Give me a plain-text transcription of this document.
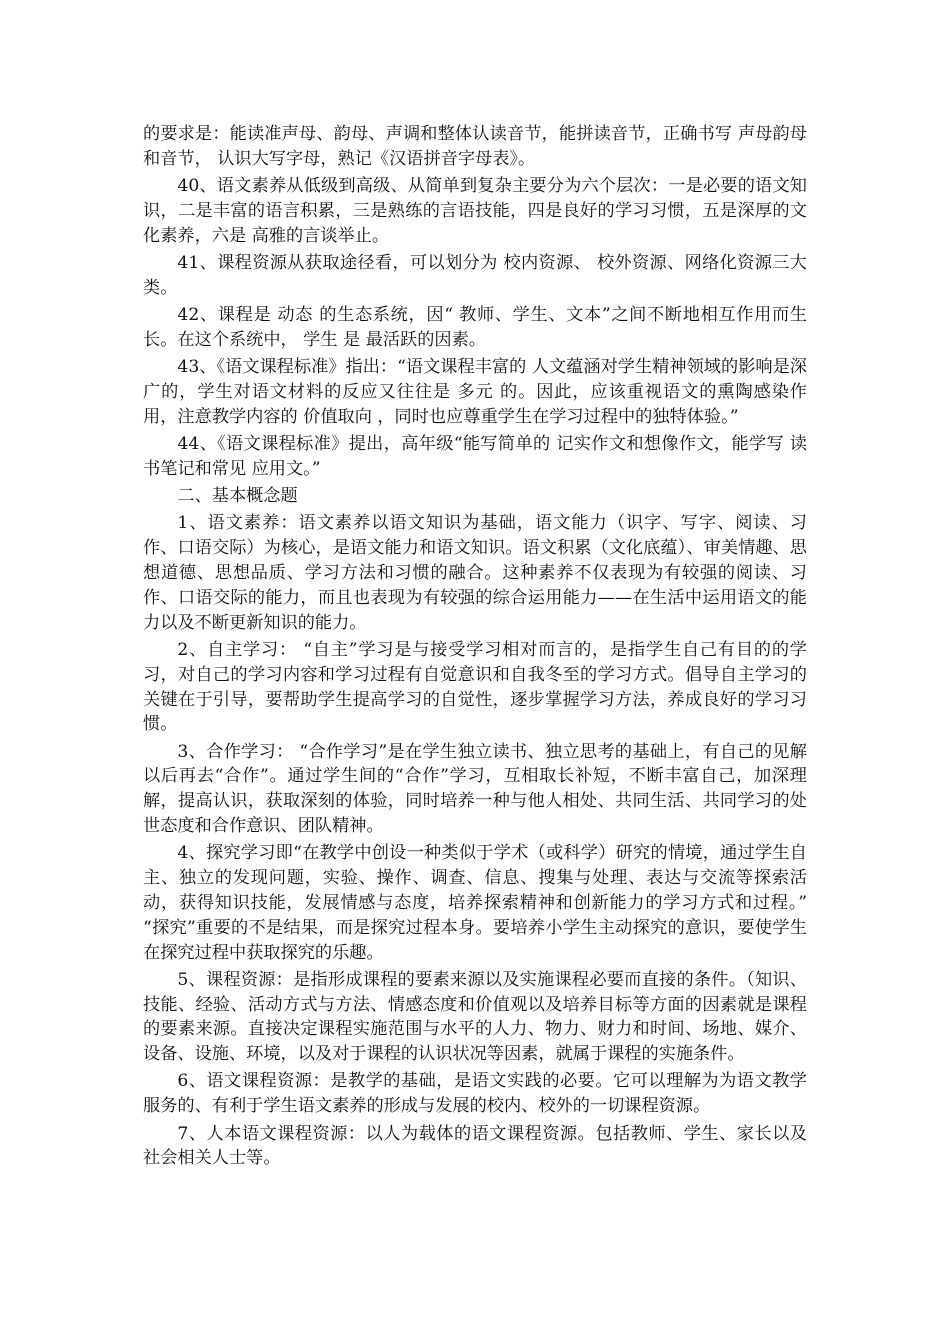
的要求是：能读准声母、韵母、声调和整体认读音节，能拼读音节，正确书写 声母韵母和音节， 认识大写字母，熟记《汉语拼音字母表》。

40、语文素养从低级到高级、从简单到复杂主要分为六个层次：一是必要的语文知识，二是丰富的语言积累，三是熟练的言语技能，四是良好的学习习惯，五是深厚的文化素养，六是 高雅的言谈举止。

41、课程资源从获取途径看，可以划分为 校内资源、 校外资源、网络化资源三大类。

42、课程是 动态 的生态系统，因“ 教师、学生、文本”之间不断地相互作用而生长。在这个系统中， 学生 是 最活跃的因素。

43、《语文课程标准》指出：“语文课程丰富的 人文蕴涵对学生精神领域的影响是深广的，学生对语文材料的反应又往往是 多元 的。因此，应该重视语文的熏陶感染作用，注意教学内容的 价值取向 ，同时也应尊重学生在学习过程中的独特体验。”

44、《语文课程标准》提出，高年级“能写简单的 记实作文和想像作文，能学写 读书笔记和常见 应用文。”

二、基本概念题

1、语文素养：语文素养以语文知识为基础，语文能力（识字、写字、阅读、习作、口语交际）为核心，是语文能力和语文知识。语文积累（文化底蕴）、审美情趣、思想道德、思想品质、学习方法和习惯的融合。这种素养不仅表现为有较强的阅读、习作、口语交际的能力，而且也表现为有较强的综合运用能力——在生活中运用语文的能力以及不断更新知识的能力。

2、自主学习： “自主”学习是与接受学习相对而言的，是指学生自己有目的的学习，对自己的学习内容和学习过程有自觉意识和自我冬至的学习方式。倡导自主学习的关键在于引导，要帮助学生提高学习的自觉性，逐步掌握学习方法，养成良好的学习习惯。

3、合作学习： “合作学习”是在学生独立读书、独立思考的基础上，有自己的见解以后再去“合作”。通过学生间的“合作”学习，互相取长补短，不断丰富自己，加深理解，提高认识，获取深刻的体验，同时培养一种与他人相处、共同生活、共同学习的处世态度和合作意识、团队精神。

4、探究学习即“在教学中创设一种类似于学术（或科学）研究的情境，通过学生自主、独立的发现问题，实验、操作、调查、信息、搜集与处理、表达与交流等探索活动，获得知识技能，发展情感与态度，培养探索精神和创新能力的学习方式和过程。” “探究”重要的不是结果，而是探究过程本身。要培养小学生主动探究的意识，要使学生在探究过程中获取探究的乐趣。

5、课程资源：是指形成课程的要素来源以及实施课程必要而直接的条件。（知识、技能、经验、活动方式与方法、情感态度和价值观以及培养目标等方面的因素就是课程的要素来源。直接决定课程实施范围与水平的人力、物力、财力和时间、场地、媒介、设备、设施、环境，以及对于课程的认识状况等因素，就属于课程的实施条件。

6、语文课程资源：是教学的基础，是语文实践的必要。它可以理解为为语文教学服务的、有利于学生语文素养的形成与发展的校内、校外的一切课程资源。

7、人本语文课程资源：以人为载体的语文课程资源。包括教师、学生、家长以及社会相关人士等。
